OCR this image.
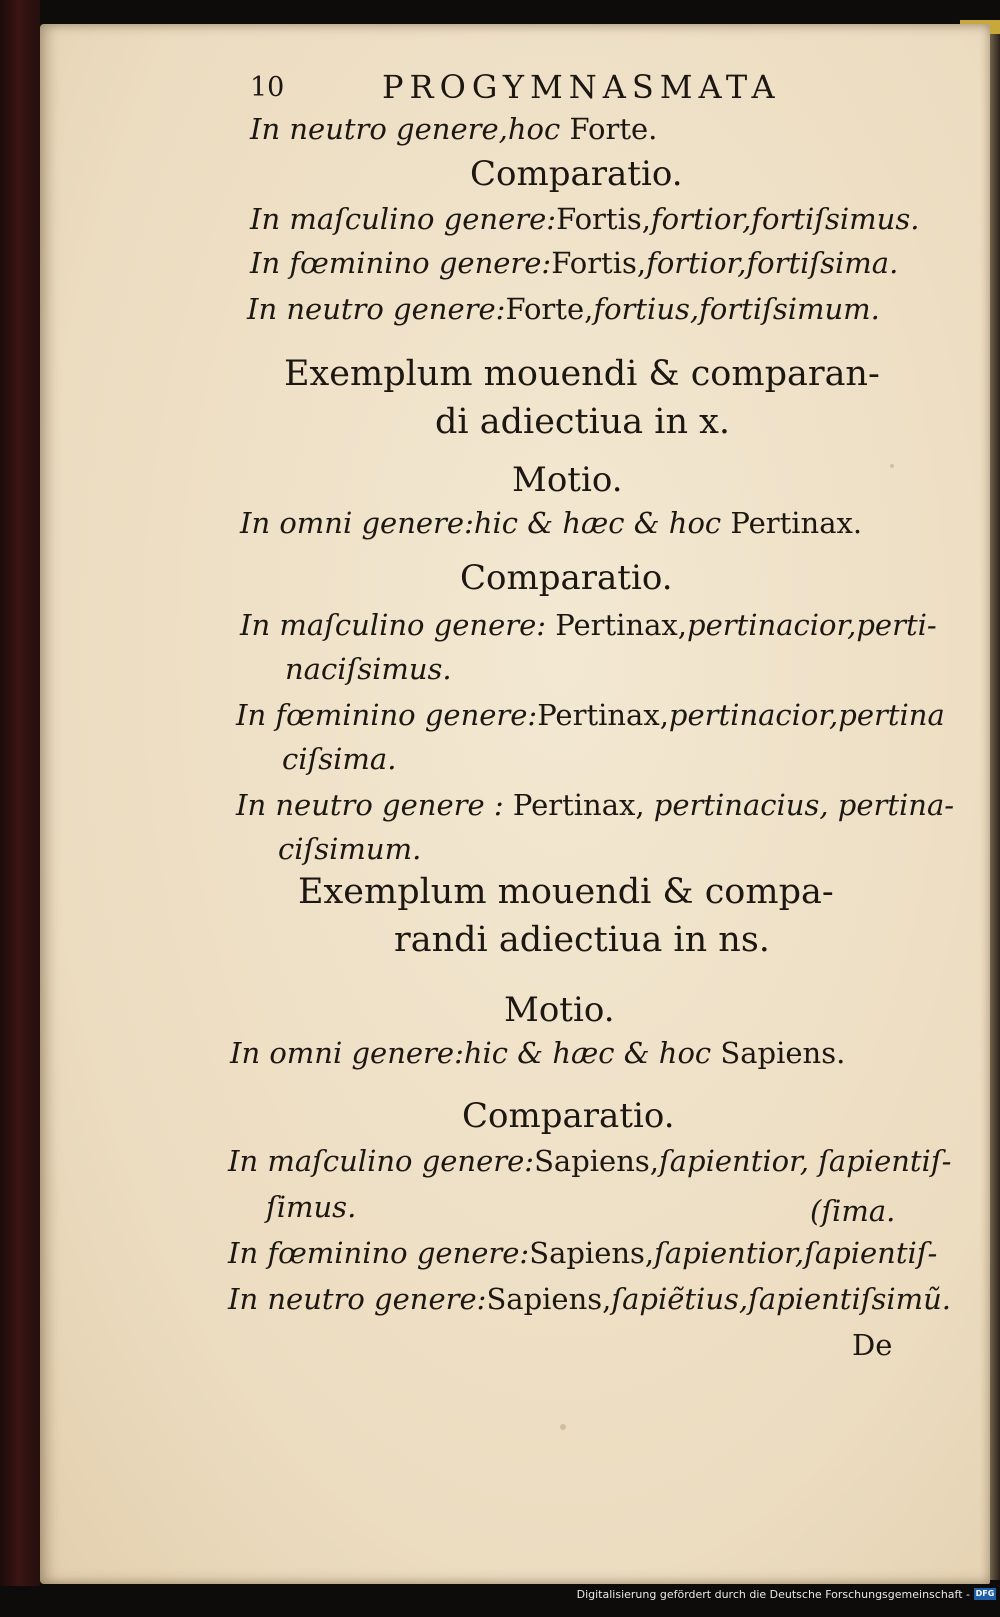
10	PROGYMNASMATA
In neutro genere,hoc Forte.
Comparatio.
In maſculino genere:Fortis,fortior,fortiſsimus.
In fœminino genere:Fortis,fortior,fortiſsima.
In neutro genere:Forte,fortius,fortiſsimum.
Exemplum mouendi & comparan-
di adiectiua in x.
Motio.
In omni genere:hic & hæc & hoc Pertinax.
Comparatio.
In maſculino genere: Pertinax,pertinacior,perti-
naciſsimus.
In fœminino genere:Pertinax,pertinacior,pertina
ciſsima.
In neutro genere : Pertinax, pertinacius, pertina-
ciſsimum.
Exemplum mouendi & compa-
randi adiectiua in ns.
Motio.
In omni genere:hic & hæc & hoc Sapiens.
Comparatio.
In maſculino genere:Sapiens,ſapientior, ſapientiſ-
ſimus.	(ſima.
In fœminino genere:Sapiens,ſapientior,ſapientiſ-
In neutro genere:Sapiens,ſapiẽtius,ſapientiſsimũ.
De
Digitalisierung gefördert durch die Deutsche Forschungsgemeinschaft - DFG
